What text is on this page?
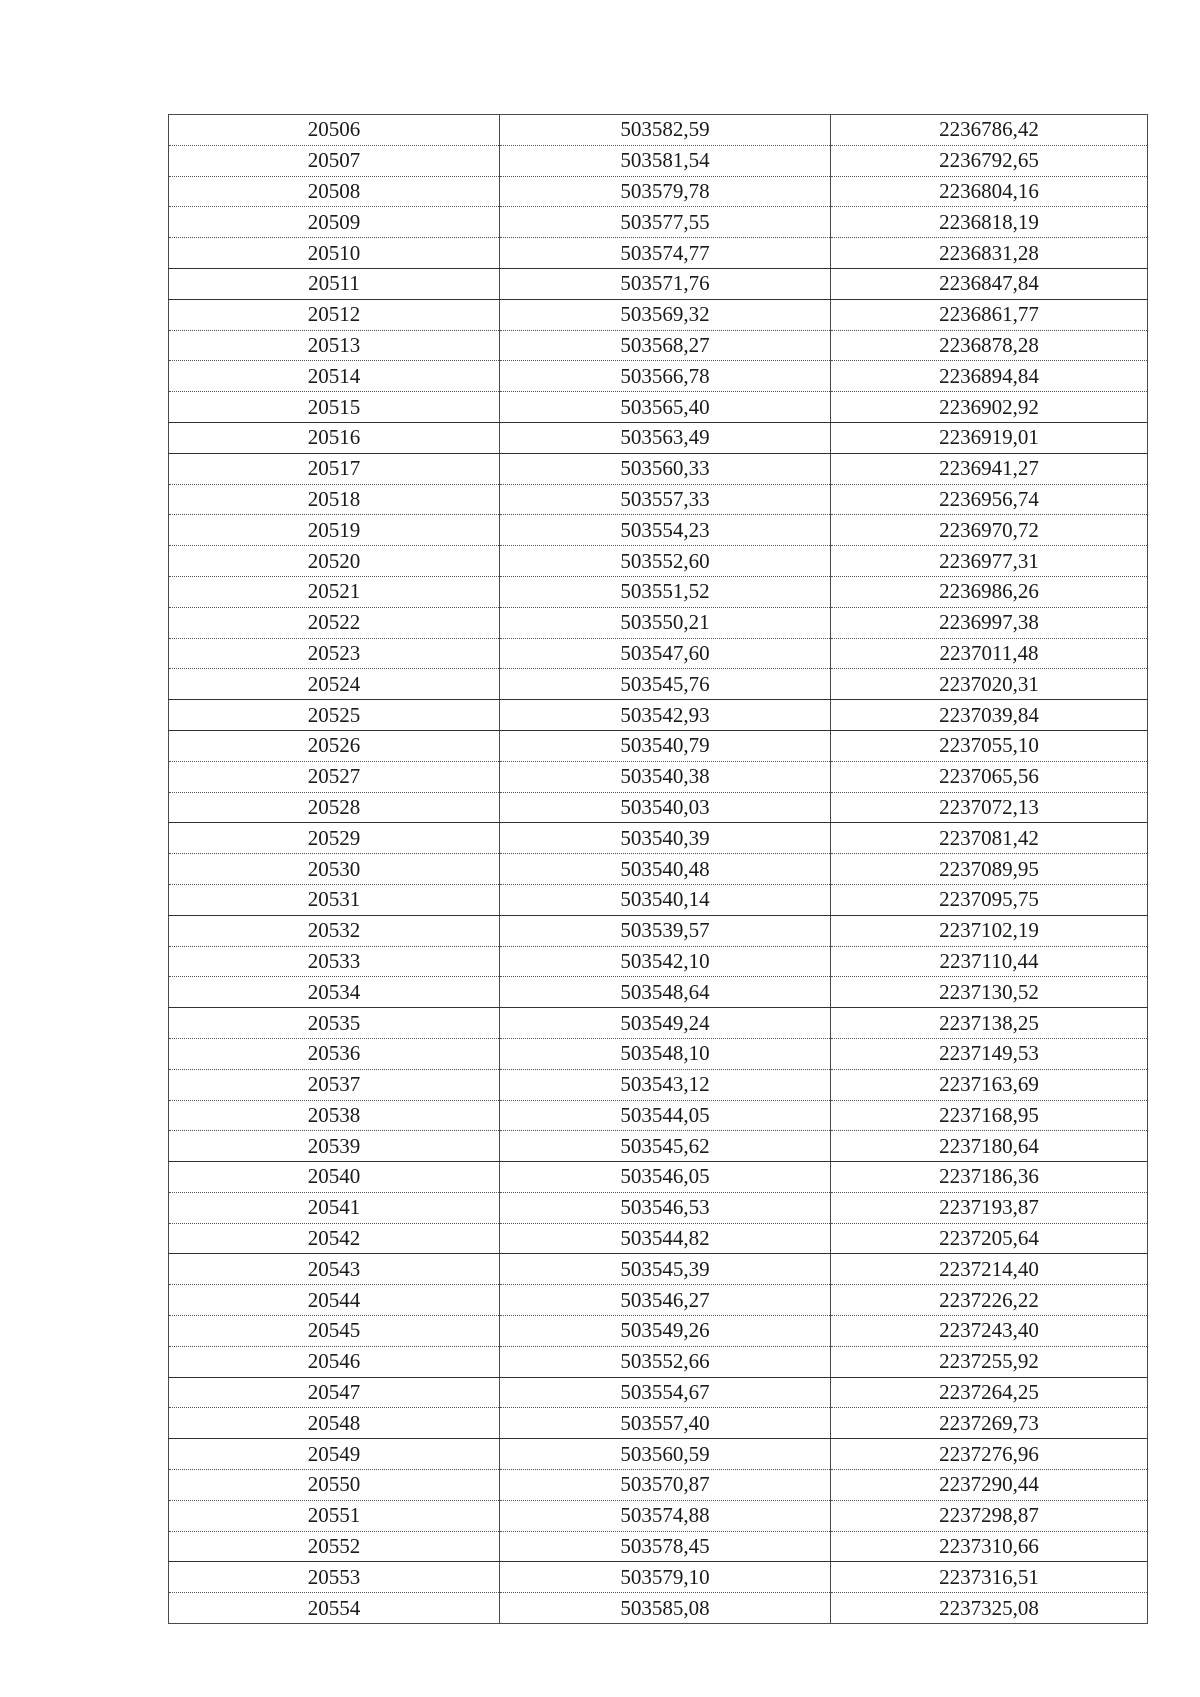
20506	503582,59	2236786,42
20507	503581,54	2236792,65
20508	503579,78	2236804,16
20509	503577,55	2236818,19
20510	503574,77	2236831,28
20511	503571,76	2236847,84
20512	503569,32	2236861,77
20513	503568,27	2236878,28
20514	503566,78	2236894,84
20515	503565,40	2236902,92
20516	503563,49	2236919,01
20517	503560,33	2236941,27
20518	503557,33	2236956,74
20519	503554,23	2236970,72
20520	503552,60	2236977,31
20521	503551,52	2236986,26
20522	503550,21	2236997,38
20523	503547,60	2237011,48
20524	503545,76	2237020,31
20525	503542,93	2237039,84
20526	503540,79	2237055,10
20527	503540,38	2237065,56
20528	503540,03	2237072,13
20529	503540,39	2237081,42
20530	503540,48	2237089,95
20531	503540,14	2237095,75
20532	503539,57	2237102,19
20533	503542,10	2237110,44
20534	503548,64	2237130,52
20535	503549,24	2237138,25
20536	503548,10	2237149,53
20537	503543,12	2237163,69
20538	503544,05	2237168,95
20539	503545,62	2237180,64
20540	503546,05	2237186,36
20541	503546,53	2237193,87
20542	503544,82	2237205,64
20543	503545,39	2237214,40
20544	503546,27	2237226,22
20545	503549,26	2237243,40
20546	503552,66	2237255,92
20547	503554,67	2237264,25
20548	503557,40	2237269,73
20549	503560,59	2237276,96
20550	503570,87	2237290,44
20551	503574,88	2237298,87
20552	503578,45	2237310,66
20553	503579,10	2237316,51
20554	503585,08	2237325,08
